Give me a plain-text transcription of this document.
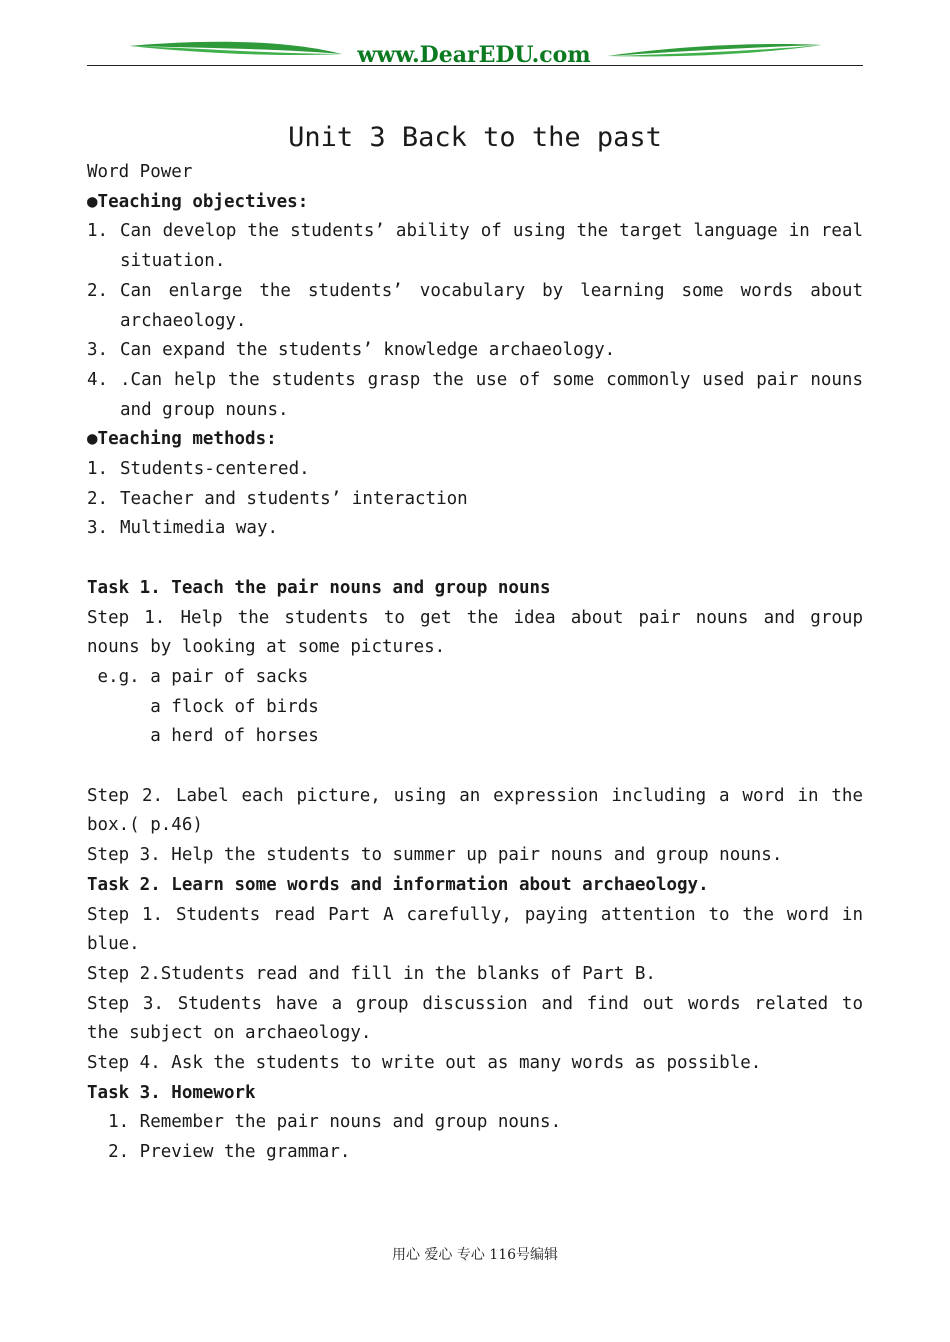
www.DearEDU.com
Unit 3 Back to the past
Word Power
●Teaching objectives:
1. Can develop the students’ ability of using the target language in real situation.
2. Can enlarge the students’ vocabulary by learning some words about archaeology.
3. Can expand the students’ knowledge archaeology.
4. .Can help the students grasp the use of some commonly used pair nouns and group nouns.
●Teaching methods:
1. Students-centered.
2. Teacher and students’ interaction
3. Multimedia way.
Task 1. Teach the pair nouns and group nouns
Step 1. Help the students to get the idea about pair nouns and group
nouns by looking at some pictures.
e.g. a pair of sacks
a flock of birds
a herd of horses
Step 2. Label each picture, using an expression including a word in the
box.( p.46)
Step 3. Help the students to summer up pair nouns and group nouns.
Task 2. Learn some words and information about archaeology.
Step 1. Students read Part A carefully, paying attention to the word in
blue.
Step 2.Students read and fill in the blanks of Part B.
Step 3. Students have a group discussion and find out words related to
the subject on archaeology.
Step 4. Ask the students to write out as many words as possible.
Task 3. Homework
1. Remember the pair nouns and group nouns.
2. Preview the grammar.
用心 爱心 专心 116号编辑
